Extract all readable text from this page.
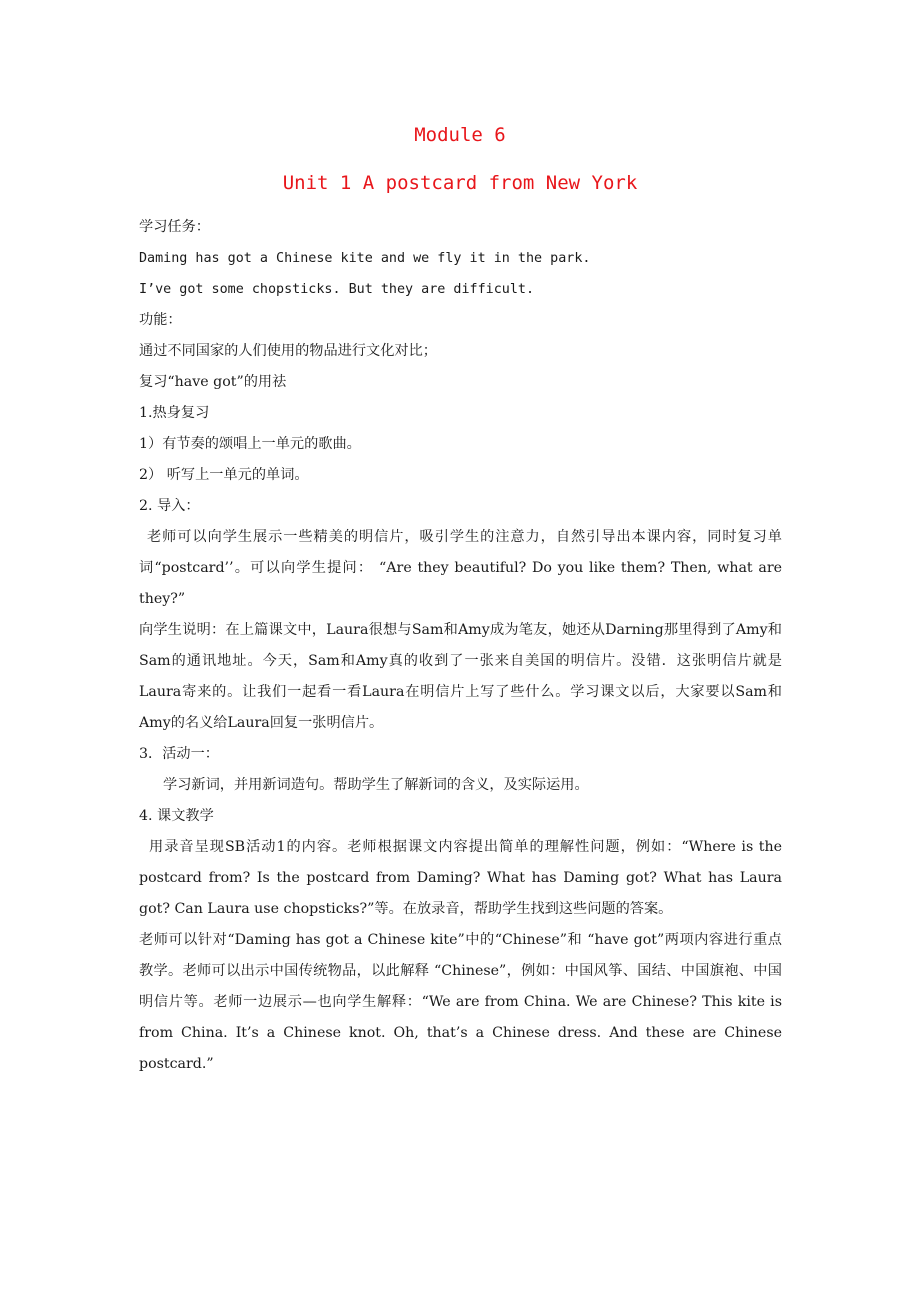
Module 6
Unit 1 A postcard from New York

学习任务：

Daming has got a Chinese kite and we fly it in the park.

I’ve got some chopsticks. But they are difficult.

功能：

通过不同国家的人们使用的物品进行文化对比；

复习“have got”的用祛

1.热身复习

1）有节奏的颂唱上一单元的歌曲。

2） 听写上一单元的单词。

2. 导入：

老师可以向学生展示一些精美的明信片，吸引学生的注意力，自然引导出本课内容，同时复习单词“postcard’’。可以向学生提问： “Are they beautiful? Do you like them? Then, what are they?”

向学生说明：在上篇课文中，Laura很想与Sam和Amy成为笔友，她还从Darning那里得到了Amy和Sam的通讯地址。今天，Sam和Amy真的收到了一张来自美国的明信片。没错．这张明信片就是Laura寄来的。让我们一起看一看Laura在明信片上写了些什么。学习课文以后，大家要以Sam和Amy的名义给Laura回复一张明信片。

3．活动一：

学习新词，并用新词造句。帮助学生了解新词的含义，及实际运用。

4. 课文教学

用录音呈现SB活动1的内容。老师根据课文内容提出简单的理解性问题，例如：“Where is the postcard from? Is the postcard from Daming? What has Daming got? What has Laura got? Can Laura use chopsticks?”等。在放录音，帮助学生找到这些问题的答案。

老师可以针对“Daming has got a Chinese kite”中的“Chinese”和 “have got”两项内容进行重点教学。老师可以出示中国传统物品，以此解释 “Chinese”，例如：中国风筝、国结、中国旗袍、中国明信片等。老师一边展示—也向学生解释：“We are from China. We are Chinese? This kite is from China. It’s a Chinese knot. Oh, that’s a Chinese dress. And these are Chinese postcard.”
